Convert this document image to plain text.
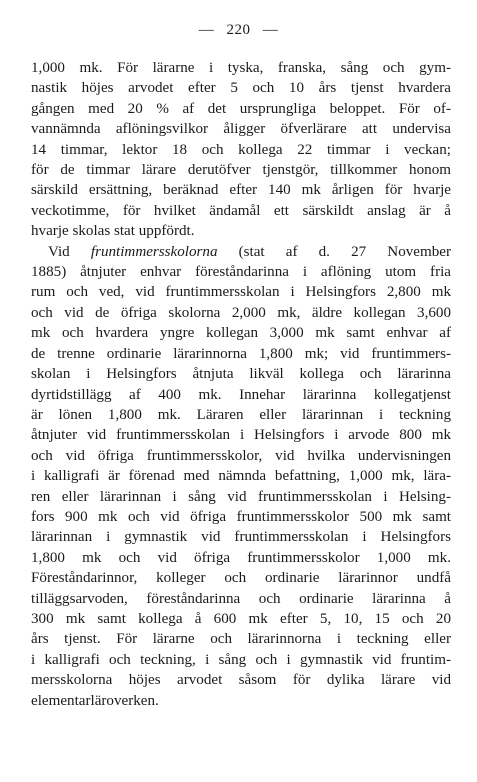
— 220 —
1,000 mk. För lärarne i tyska, franska, sång och gym-
nastik höjes arvodet efter 5 och 10 års tjenst hvardera
gången med 20 % af det ursprungliga beloppet. För of-
vannämnda aflöningsvilkor åligger öfverlärare att undervisa
14 timmar, lektor 18 och kollega 22 timmar i veckan;
för de timmar lärare derutöfver tjenstgör, tillkommer honom
särskild ersättning, beräknad efter 140 mk årligen för hvarje
veckotimme, för hvilket ändamål ett särskildt anslag är å
hvarje skolas stat uppfördt.
Vid fruntimmersskolorna (stat af d. 27 November
1885) åtnjuter enhvar föreståndarinna i aflöning utom fria
rum och ved, vid fruntimmersskolan i Helsingfors 2,800 mk
och vid de öfriga skolorna 2,000 mk, äldre kollegan 3,600
mk och hvardera yngre kollegan 3,000 mk samt enhvar af
de trenne ordinarie lärarinnorna 1,800 mk; vid fruntimmers-
skolan i Helsingfors åtnjuta likväl kollega och lärarinna
dyrtidstillägg af 400 mk. Innehar lärarinna kollegatjenst
är lönen 1,800 mk. Läraren eller lärarinnan i teckning
åtnjuter vid fruntimmersskolan i Helsingfors i arvode 800 mk
och vid öfriga fruntimmersskolor, vid hvilka undervisningen
i kalligrafi är förenad med nämnda befattning, 1,000 mk, lära-
ren eller lärarinnan i sång vid fruntimmersskolan i Helsing-
fors 900 mk och vid öfriga fruntimmersskolor 500 mk samt
lärarinnan i gymnastik vid fruntimmersskolan i Helsingfors
1,800 mk och vid öfriga fruntimmersskolor 1,000 mk.
Föreståndarinnor, kolleger och ordinarie lärarinnor undfå
tilläggsarvoden, föreståndarinna och ordinarie lärarinna å
300 mk samt kollega å 600 mk efter 5, 10, 15 och 20
års tjenst. För lärarne och lärarinnorna i teckning eller
i kalligrafi och teckning, i sång och i gymnastik vid fruntim-
mersskolorna höjes arvodet såsom för dylika lärare vid
elementarläroverken.
